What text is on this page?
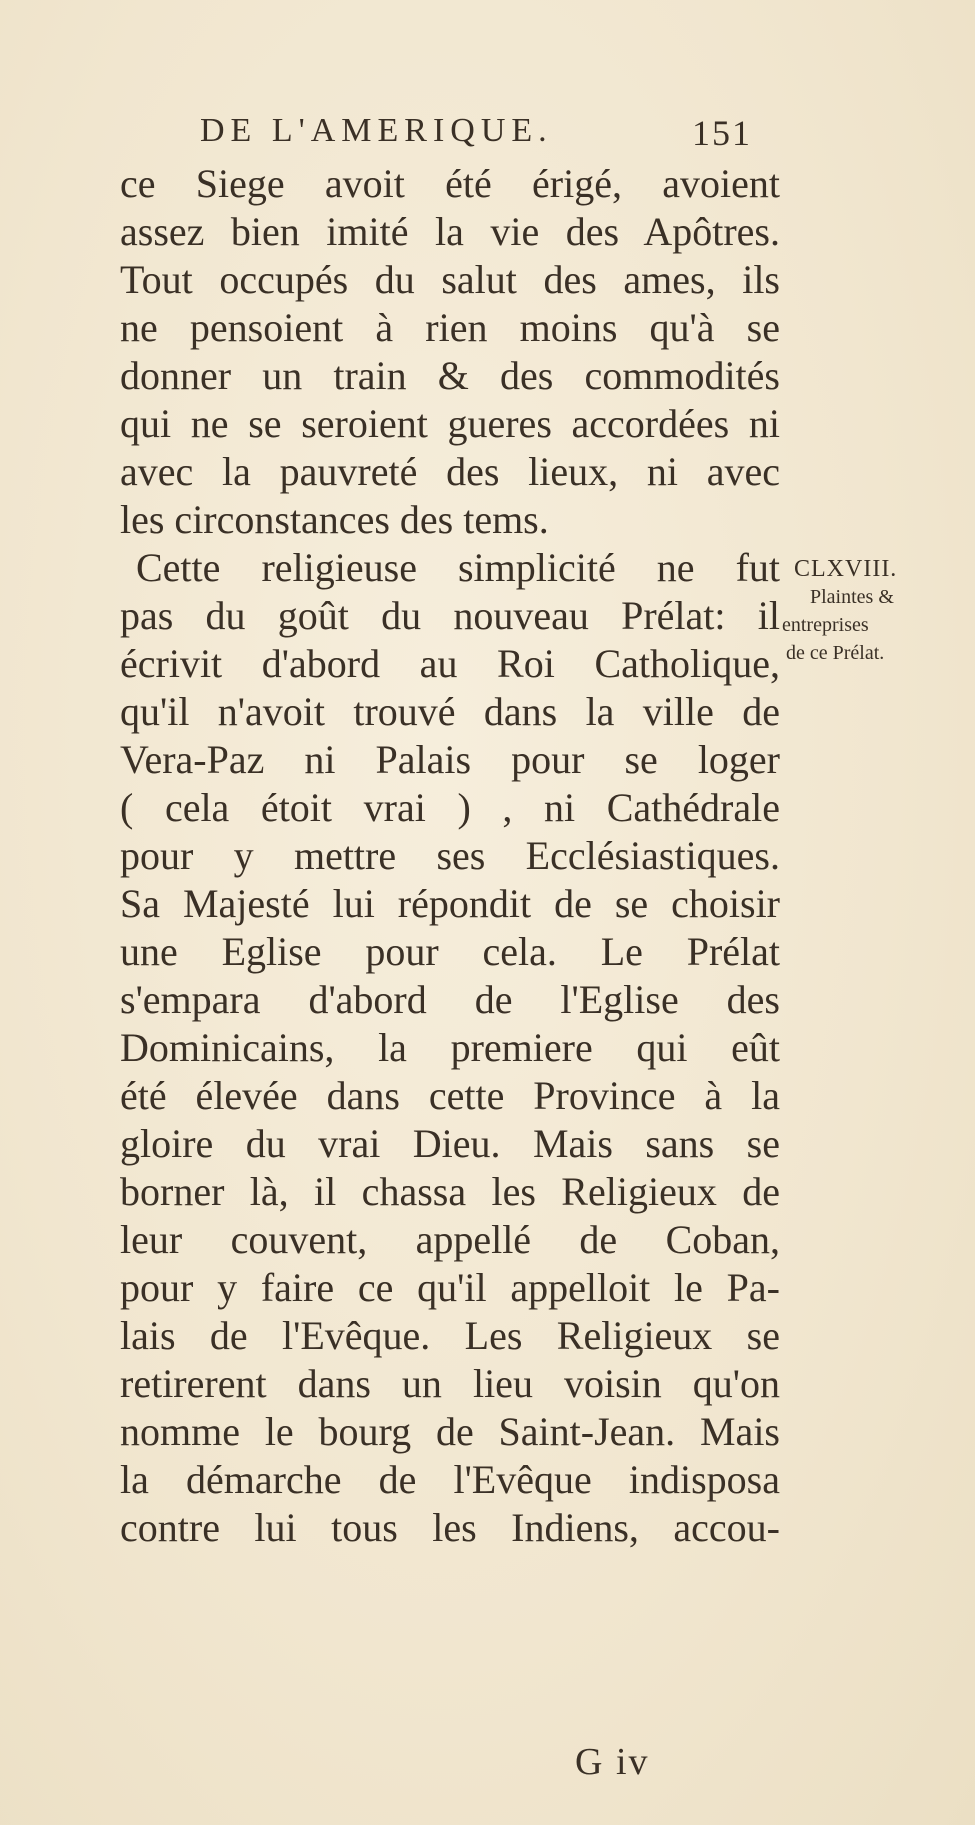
DE L'AMERIQUE.	151
ce Siege avoit été érigé, avoient
assez bien imité la vie des Apôtres.
Tout occupés du salut des ames, ils
ne pensoient à rien moins qu'à se
donner un train & des commodités
qui ne se seroient gueres accordées ni
avec la pauvreté des lieux, ni avec
les circonstances des tems.
Cette religieuse simplicité ne fut
pas du goût du nouveau Prélat: il
écrivit d'abord au Roi Catholique,
qu'il n'avoit trouvé dans la ville de
Vera-Paz ni Palais pour se loger
( cela étoit vrai ) , ni Cathédrale
pour y mettre ses Ecclésiastiques.
Sa Majesté lui répondit de se choisir
une Eglise pour cela. Le Prélat
s'empara d'abord de l'Eglise des
Dominicains, la premiere qui eût
été élevée dans cette Province à la
gloire du vrai Dieu. Mais sans se
borner là, il chassa les Religieux de
leur couvent, appellé de Coban,
pour y faire ce qu'il appelloit le Pa-
lais de l'Evêque. Les Religieux se
retirerent dans un lieu voisin qu'on
nomme le bourg de Saint-Jean. Mais
la démarche de l'Evêque indisposa
contre lui tous les Indiens, accou-
CLXVIII.
Plaintes &
entreprises
de ce Prélat.
G iv
